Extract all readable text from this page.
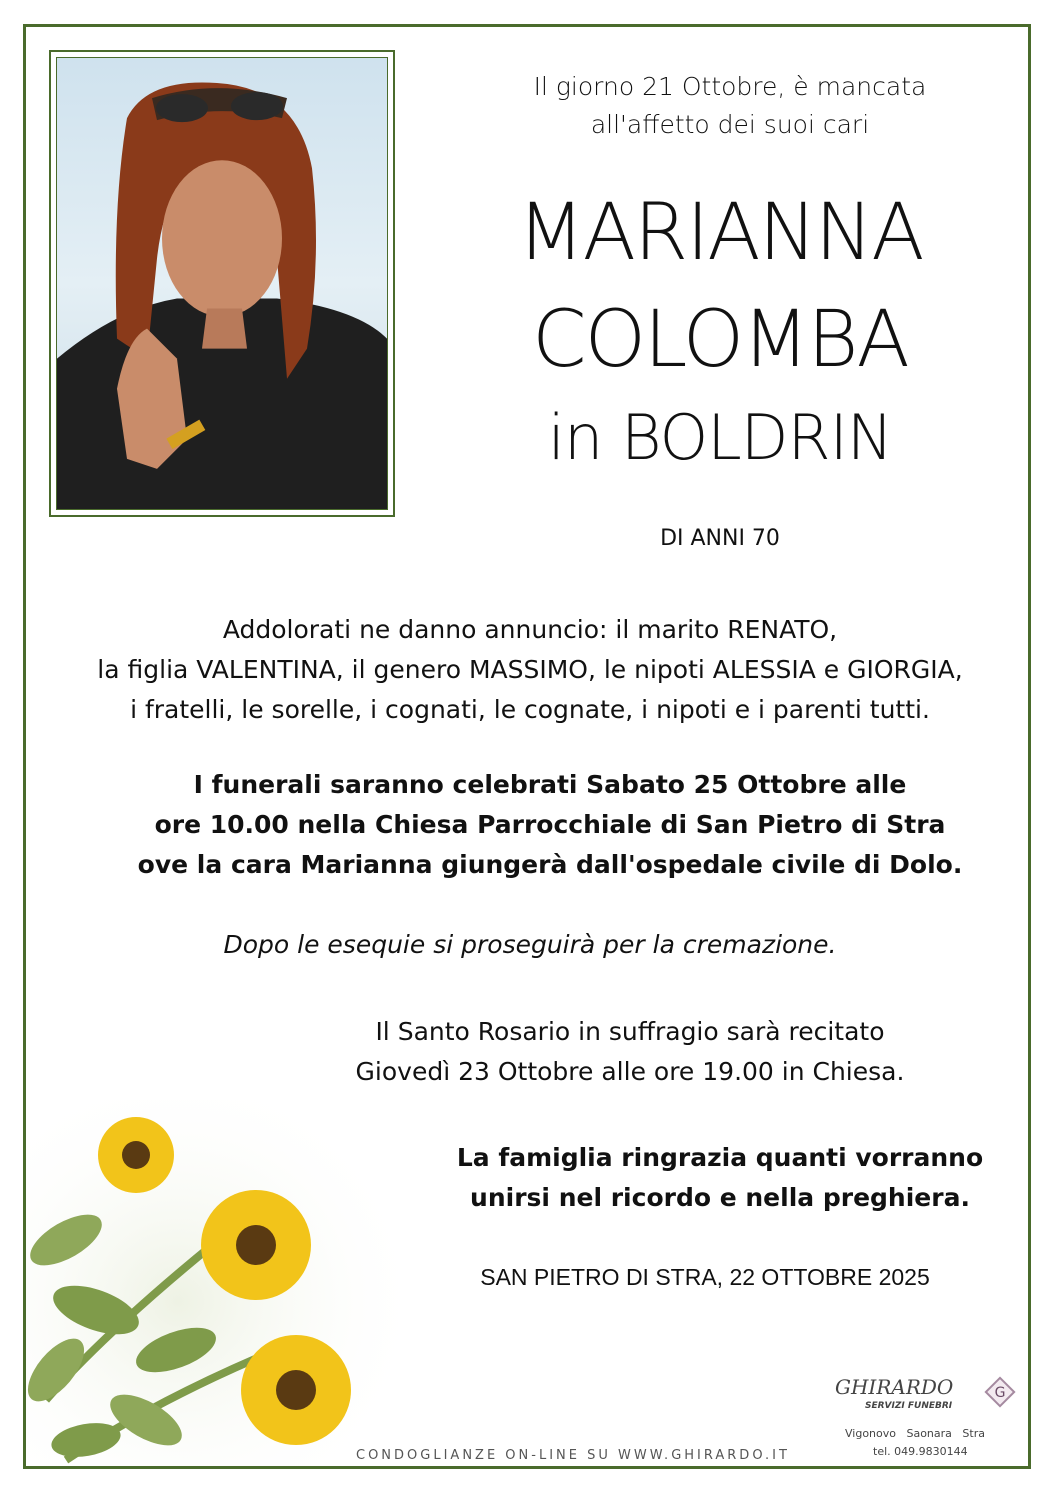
Il giorno 21 Ottobre, è mancata
all'affetto dei suoi cari
MARIANNA
COLOMBA
in BOLDRIN
DI ANNI 70
Addolorati ne danno annuncio: il marito RENATO,
la figlia VALENTINA, il genero MASSIMO, le nipoti ALESSIA e GIORGIA,
i fratelli, le sorelle, i cognati, le cognate, i nipoti e i parenti tutti.
I funerali saranno celebrati Sabato 25 Ottobre alle
ore 10.00 nella Chiesa Parrocchiale di San Pietro di Stra
ove la cara Marianna giungerà dall'ospedale civile di Dolo.
Dopo le esequie si proseguirà per la cremazione.
Il Santo Rosario in suffragio sarà recitato
Giovedì 23 Ottobre alle ore 19.00 in Chiesa.
La famiglia ringrazia quanti vorranno
unirsi nel ricordo e nella preghiera.
SAN PIETRO DI STRA, 22 OTTOBRE 2025
CONDOGLIANZE ON-LINE SU WWW.GHIRARDO.IT
GHIRARDO
SERVIZI FUNEBRI
G
Vigonovo   Saonara   Stra
tel. 049.9830144
